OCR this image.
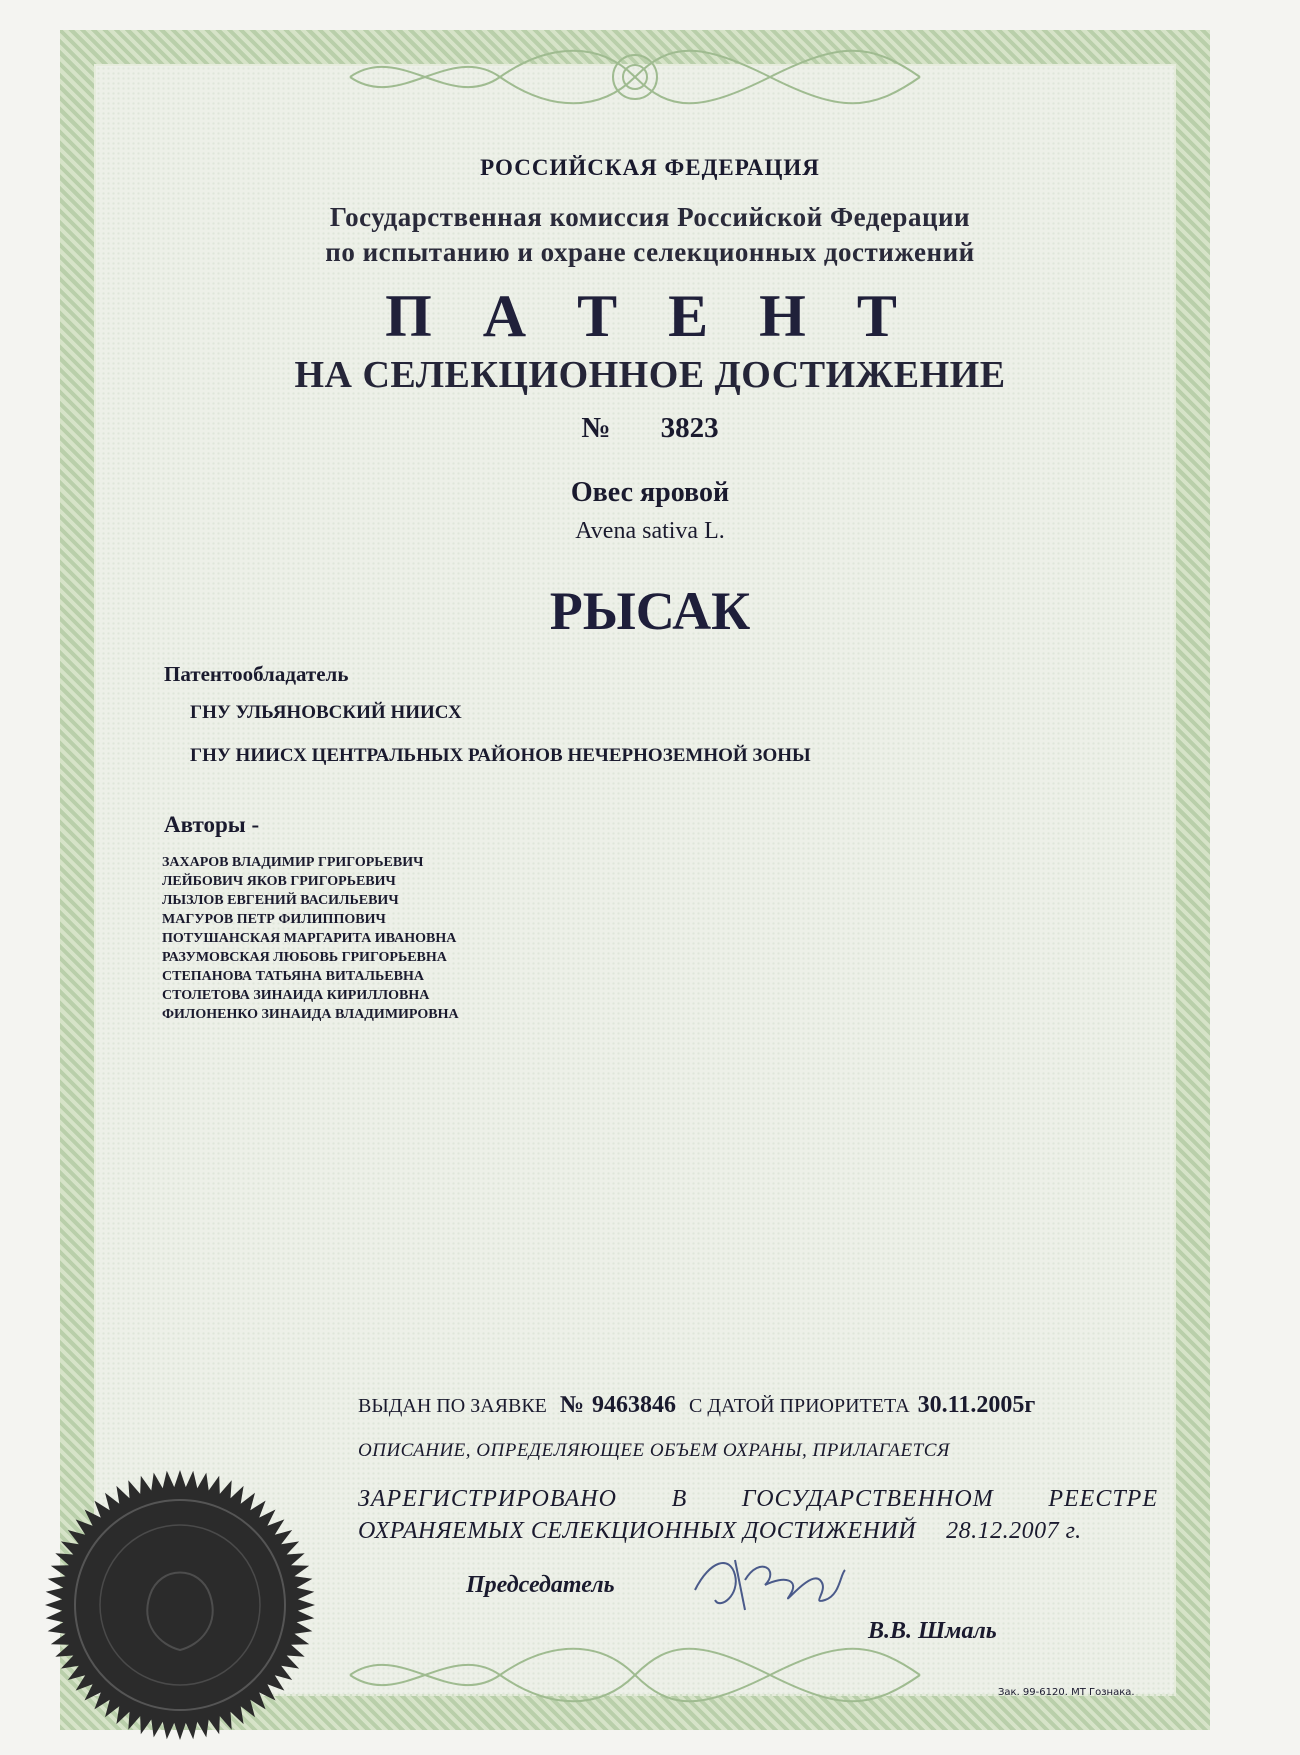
РОССИЙСКАЯ ФЕДЕРАЦИЯ
Государственная комиссия Российской Федерации
по испытанию и охране селекционных достижений
П А Т Е Н Т
НА СЕЛЕКЦИОННОЕ ДОСТИЖЕНИЕ
№ 3823
Овес яровой
Avena sativa L.
РЫСАК
Патентообладатель
ГНУ УЛЬЯНОВСКИЙ НИИСХ
ГНУ НИИСХ ЦЕНТРАЛЬНЫХ РАЙОНОВ НЕЧЕРНОЗЕМНОЙ ЗОНЫ
Авторы -
ЗАХАРОВ ВЛАДИМИР ГРИГОРЬЕВИЧ
ЛЕЙБОВИЧ ЯКОВ ГРИГОРЬЕВИЧ
ЛЫЗЛОВ ЕВГЕНИЙ ВАСИЛЬЕВИЧ
МАГУРОВ ПЕТР ФИЛИППОВИЧ
ПОТУШАНСКАЯ МАРГАРИТА ИВАНОВНА
РАЗУМОВСКАЯ ЛЮБОВЬ ГРИГОРЬЕВНА
СТЕПАНОВА ТАТЬЯНА ВИТАЛЬЕВНА
СТОЛЕТОВА ЗИНАИДА КИРИЛЛОВНА
ФИЛОНЕНКО ЗИНАИДА ВЛАДИМИРОВНА
ВЫДАН ПО ЗАЯВКЕ № 9463846 С ДАТОЙ ПРИОРИТЕТА 30.11.2005г
ОПИСАНИЕ, ОПРЕДЕЛЯЮЩЕЕ ОБЪЕМ ОХРАНЫ, ПРИЛАГАЕТСЯ
ЗАРЕГИСТРИРОВАНО В ГОСУДАРСТВЕННОМ РЕЕСТРЕ
ОХРАНЯЕМЫХ СЕЛЕКЦИОННЫХ ДОСТИЖЕНИЙ 28.12.2007 г.
Председатель
В.В. Шмаль
Зак. 99-6120. МТ Гознака.
